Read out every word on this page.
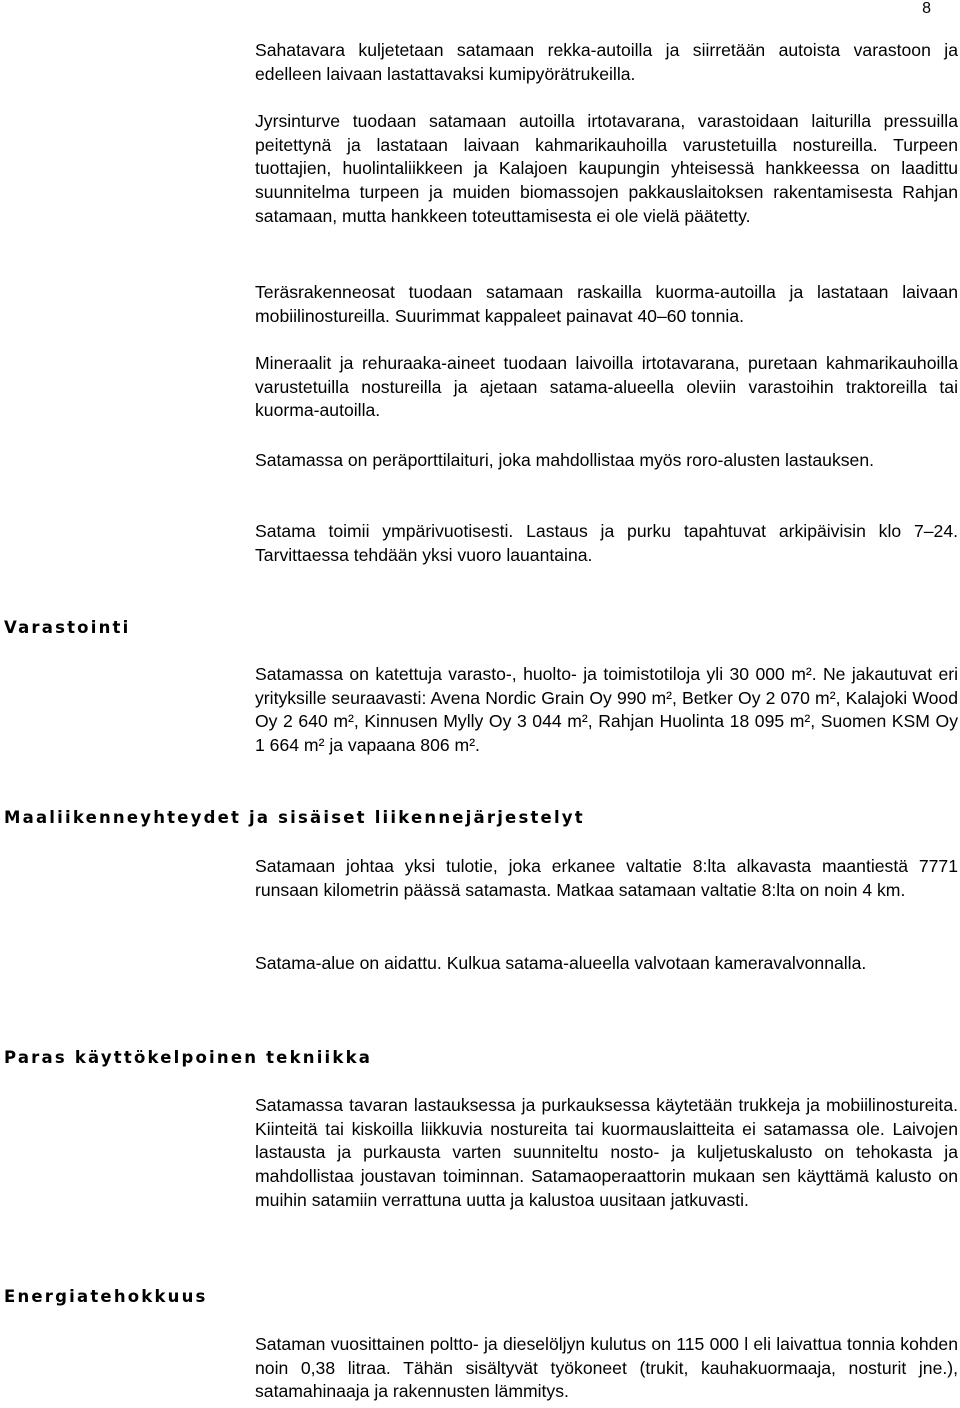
8

Sahatavara kuljetetaan satamaan rekka-autoilla ja siirretään autoista varastoon ja edelleen laivaan lastattavaksi kumipyörätrukeilla.

Jyrsinturve tuodaan satamaan autoilla irtotavarana, varastoidaan laiturilla pressuilla peitettynä ja lastataan laivaan kahmarikauhoilla varustetuilla nostureilla. Turpeen tuottajien, huolintaliikkeen ja Kalajoen kaupungin yhteisessä hankkeessa on laadittu suunnitelma turpeen ja muiden biomassojen pakkauslaitoksen rakentamisesta Rahjan satamaan, mutta hankkeen toteuttamisesta ei ole vielä päätetty.

Teräsrakenneosat tuodaan satamaan raskailla kuorma-autoilla ja lastataan laivaan mobiilinostureilla. Suurimmat kappaleet painavat 40–60 tonnia.

Mineraalit ja rehuraaka-aineet tuodaan laivoilla irtotavarana, puretaan kahmarikauhoilla varustetuilla nostureilla ja ajetaan satama-alueella oleviin varastoihin traktoreilla tai kuorma-autoilla.

Satamassa on peräporttilaituri, joka mahdollistaa myös roro-alusten lastauksen.

Satama toimii ympärivuotisesti. Lastaus ja purku tapahtuvat arkipäivisin klo 7–24. Tarvittaessa tehdään yksi vuoro lauantaina.

Varastointi

Satamassa on katettuja varasto-, huolto- ja toimistotiloja yli 30 000 m². Ne jakautuvat eri yrityksille seuraavasti: Avena Nordic Grain Oy 990 m², Betker Oy 2 070 m², Kalajoki Wood Oy 2 640 m², Kinnusen Mylly Oy 3 044 m², Rahjan Huolinta 18 095 m², Suomen KSM Oy 1 664 m² ja vapaana 806 m².

Maaliikenneyhteydet ja sisäiset liikennejärjestelyt

Satamaan johtaa yksi tulotie, joka erkanee valtatie 8:lta alkavasta maantiestä 7771 runsaan kilometrin päässä satamasta. Matkaa satamaan valtatie 8:lta on noin 4 km.

Satama-alue on aidattu. Kulkua satama-alueella valvotaan kameravalvonnalla.

Paras käyttökelpoinen tekniikka

Satamassa tavaran lastauksessa ja purkauksessa käytetään trukkeja ja mobiilinostureita. Kiinteitä tai kiskoilla liikkuvia nostureita tai kuormauslaitteita ei satamassa ole. Laivojen lastausta ja purkausta varten suunniteltu nosto- ja kuljetuskalusto on tehokasta ja mahdollistaa joustavan toiminnan. Satamaoperaattorin mukaan sen käyttämä kalusto on muihin satamiin verrattuna uutta ja kalustoa uusitaan jatkuvasti.

Energiatehokkuus

Sataman vuosittainen poltto- ja dieselöljyn kulutus on 115 000 l eli laivattua tonnia kohden noin 0,38 litraa. Tähän sisältyvät työkoneet (trukit, kauhakuormaaja, nosturit jne.), satamahinaaja ja rakennusten lämmitys.
